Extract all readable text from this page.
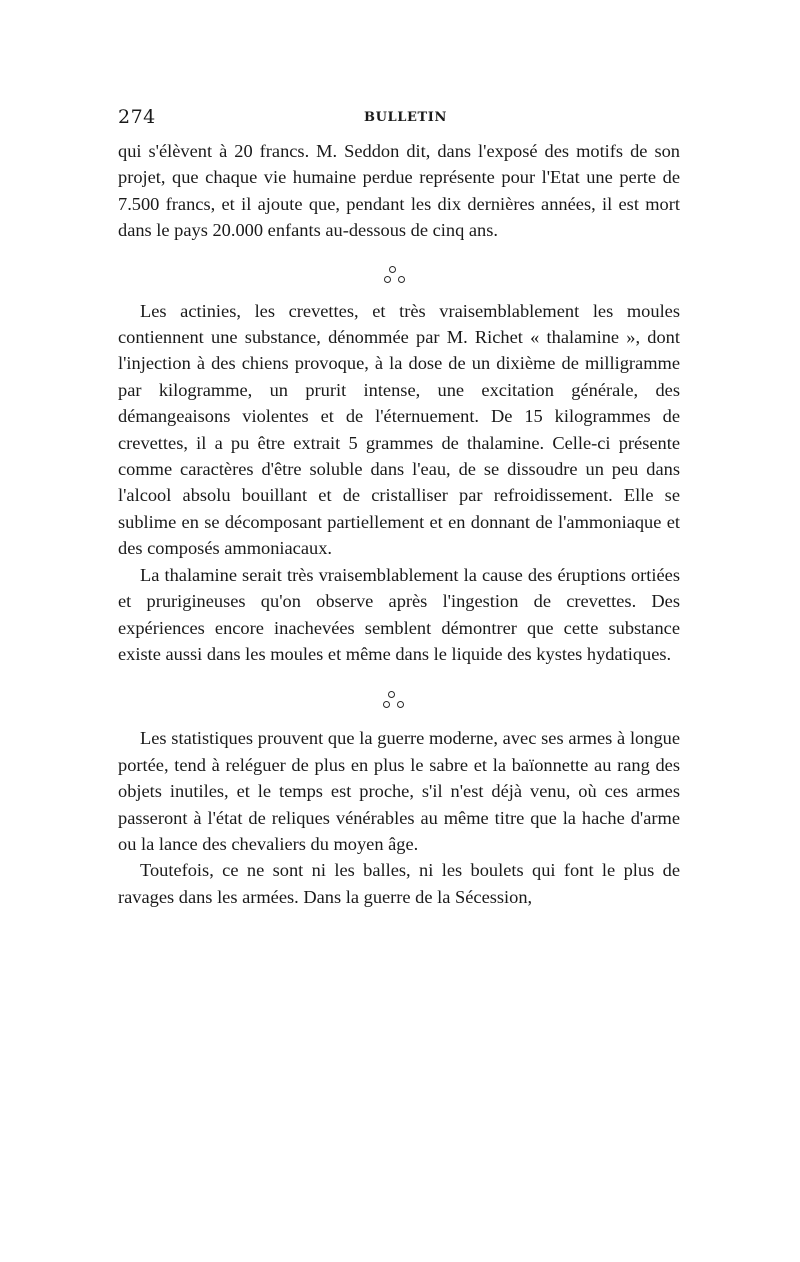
274	BULLETIN

qui s'élèvent à 20 francs. M. Seddon dit, dans l'exposé des motifs de son projet, que chaque vie humaine perdue représente pour l'Etat une perte de 7.500 francs, et il ajoute que, pendant les dix dernières années, il est mort dans le pays 20.000 enfants au-dessous de cinq ans.

Les actinies, les crevettes, et très vraisemblablement les moules contiennent une substance, dénommée par M. Richet « thalamine », dont l'injection à des chiens provoque, à la dose de un dixième de milligramme par kilogramme, un prurit intense, une excitation générale, des démangeaisons violentes et de l'éternuement. De 15 kilogrammes de crevettes, il a pu être extrait 5 grammes de thalamine. Celle-ci présente comme caractères d'être soluble dans l'eau, de se dissoudre un peu dans l'alcool absolu bouillant et de cristalliser par refroidissement. Elle se sublime en se décomposant partiellement et en donnant de l'ammoniaque et des composés ammoniacaux.

La thalamine serait très vraisemblablement la cause des éruptions ortiées et prurigineuses qu'on observe après l'ingestion de crevettes. Des expériences encore inachevées semblent démontrer que cette substance existe aussi dans les moules et même dans le liquide des kystes hydatiques.

Les statistiques prouvent que la guerre moderne, avec ses armes à longue portée, tend à reléguer de plus en plus le sabre et la baïonnette au rang des objets inutiles, et le temps est proche, s'il n'est déjà venu, où ces armes passeront à l'état de reliques vénérables au même titre que la hache d'arme ou la lance des chevaliers du moyen âge.

Toutefois, ce ne sont ni les balles, ni les boulets qui font le plus de ravages dans les armées. Dans la guerre de la Sécession,
